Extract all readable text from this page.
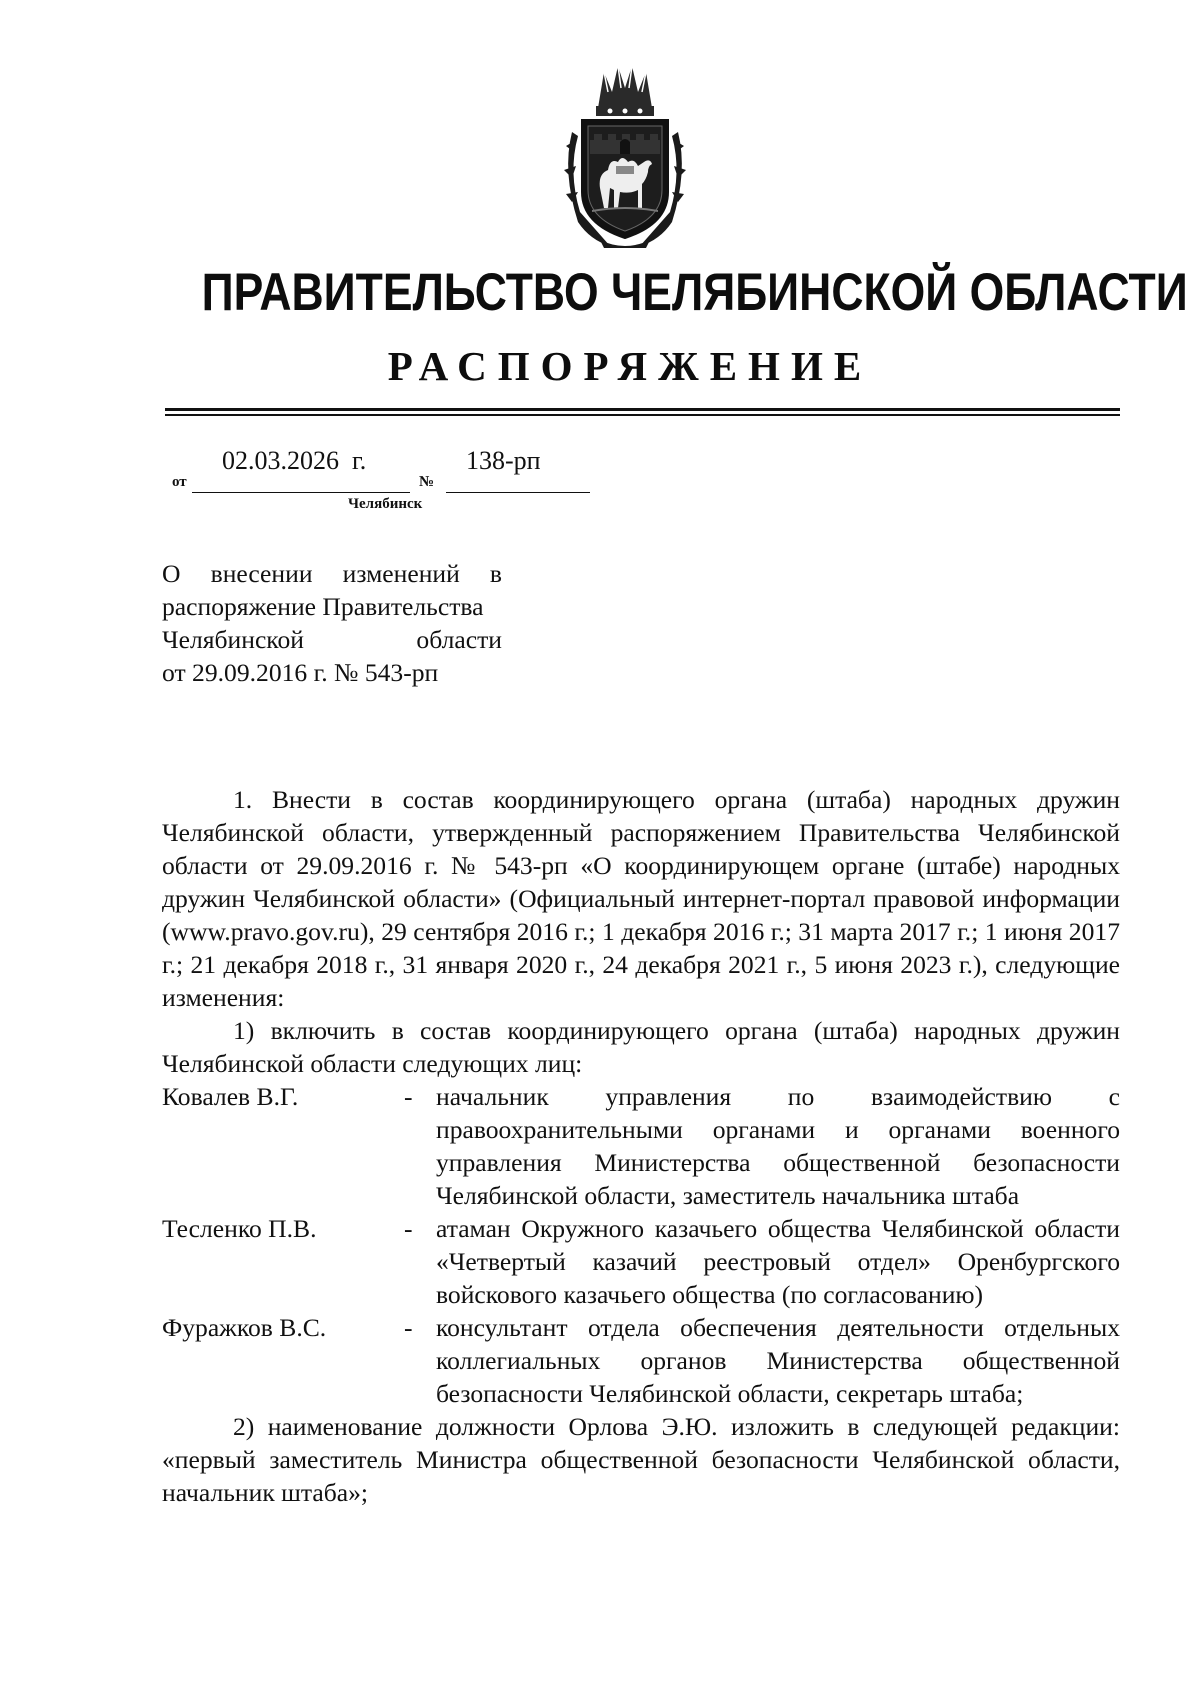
ПРАВИТЕЛЬСТВО ЧЕЛЯБИНСКОЙ ОБЛАСТИ
РАСПОРЯЖЕНИЕ
от
02.03.2026  г.
№
138-рп
Челябинск
О внесении изменений в
распоряжение Правительства
Челябинской области
от 29.09.2016 г. № 543-рп

1. Внести в состав координирующего органа (штаба) народных дружин Челябинской области, утвержденный распоряжением Правительства Челябинской области от 29.09.2016 г. № 543-рп «О координирующем органе (штабе) народных дружин Челябинской области» (Официальный интернет-портал правовой информации (www.pravo.gov.ru), 29 сентября 2016 г.; 1 декабря 2016 г.; 31 марта 2017 г.; 1 июня 2017 г.; 21 декабря 2018 г., 31 января 2020 г., 24 декабря 2021 г., 5 июня 2023 г.), следующие изменения:

1) включить в состав координирующего органа (штаба) народных дружин Челябинской области следующих лиц:

Ковалев В.Г.	- начальник управления по взаимодействию с правоохранительными органами и органами военного управления Министерства общественной безопасности Челябинской области, заместитель начальника штаба
Тесленко П.В.	- атаман Окружного казачьего общества Челябинской области «Четвертый казачий реестровый отдел» Оренбургского войскового казачьего общества (по согласованию)
Фуражков В.С.	- консультант отдела обеспечения деятельности отдельных коллегиальных органов Министерства общественной безопасности Челябинской области, секретарь штаба;

2) наименование должности Орлова Э.Ю. изложить в следующей редакции: «первый заместитель Министра общественной безопасности Челябинской области, начальник штаба»;
